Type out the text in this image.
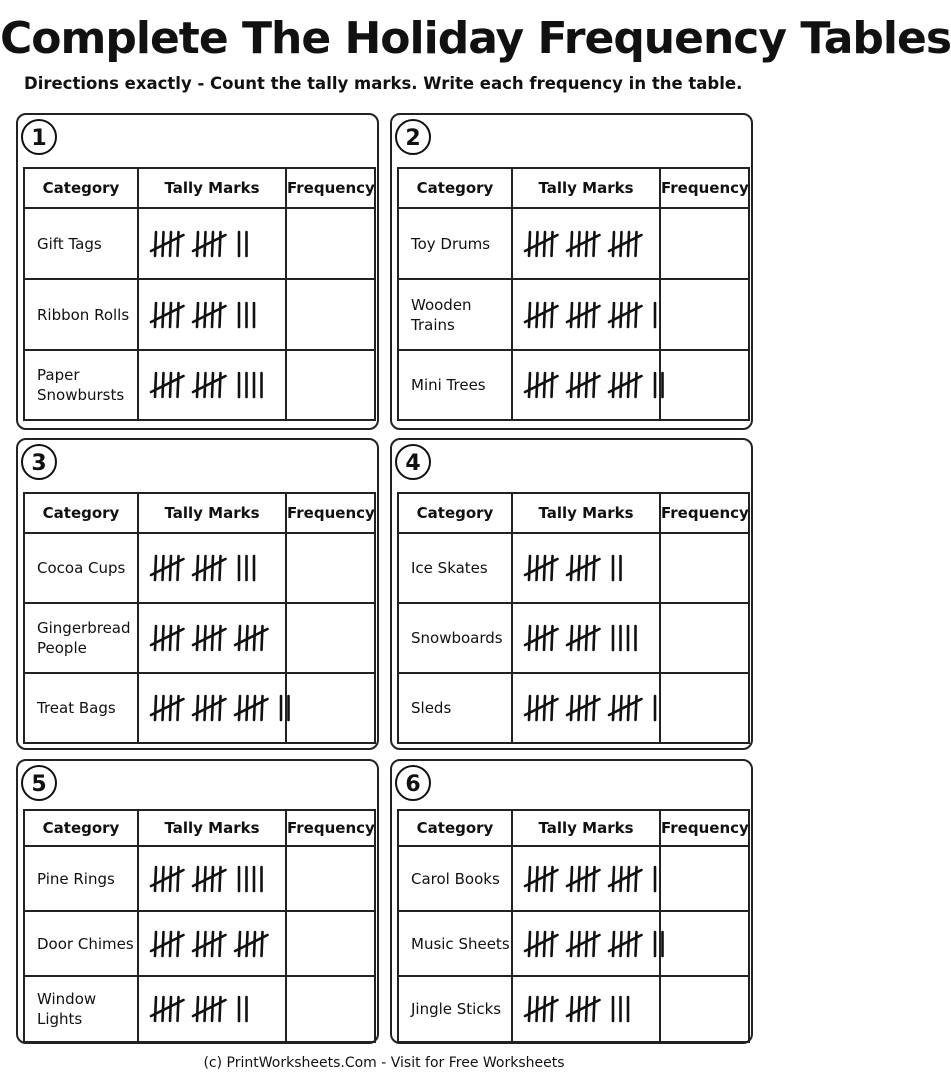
Complete The Holiday Frequency Tables
Directions exactly - Count the tally marks. Write each frequency in the table.
1
Category	Tally Marks	Frequency
Gift Tags	

Ribbon Rolls	

Paper Snowbursts	

2
Category	Tally Marks	Frequency
Toy Drums	

Wooden Trains	

Mini Trees	

3
Category	Tally Marks	Frequency
Cocoa Cups	

Gingerbread People	

Treat Bags	

4
Category	Tally Marks	Frequency
Ice Skates	

Snowboards	

Sleds	

5
Category	Tally Marks	Frequency
Pine Rings	

Door Chimes	

Window Lights	

6
Category	Tally Marks	Frequency
Carol Books	

Music Sheets	

Jingle Sticks	

(c) PrintWorksheets.Com - Visit for Free Worksheets
